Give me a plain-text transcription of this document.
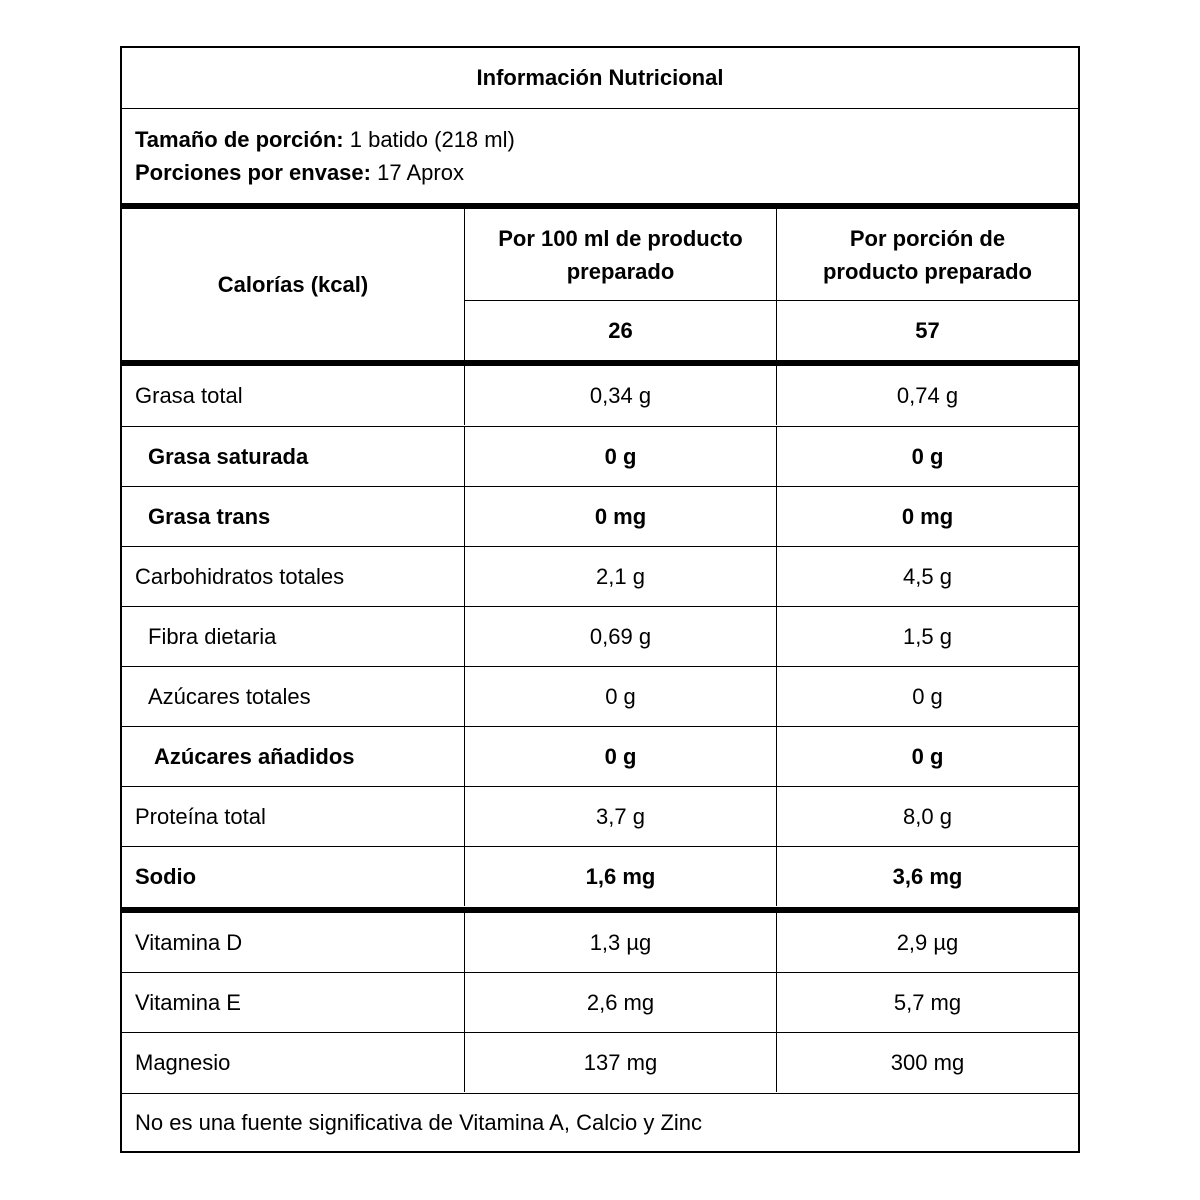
Información Nutricional
Tamaño de porción: 1 batido (218 ml)
Porciones por envase: 17 Aprox
Calorías (kcal)
Por 100 ml de producto
preparado
Por porción de
producto preparado
26	57
Grasa total	0,34 g	0,74 g
Grasa saturada	0 g	0 g
Grasa trans	0 mg	0 mg
Carbohidratos totales	2,1 g	4,5 g
Fibra dietaria	0,69 g	1,5 g
Azúcares totales	0 g	0 g
Azúcares añadidos	0 g	0 g
Proteína total	3,7 g	8,0 g
Sodio	1,6 mg	3,6 mg
Vitamina D	1,3 µg	2,9 µg
Vitamina E	2,6 mg	5,7 mg
Magnesio	137 mg	300 mg
No es una fuente significativa de Vitamina A, Calcio y Zinc
